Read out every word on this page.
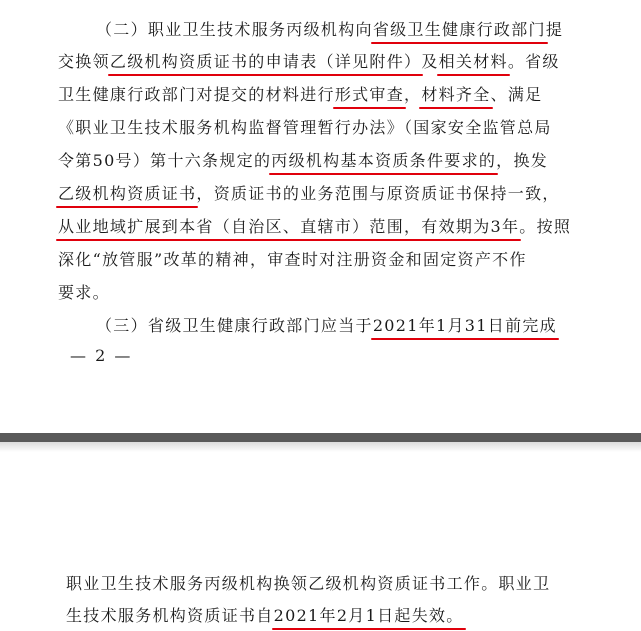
（二）职业卫生技术服务丙级机构向省级卫生健康行政部门提
交换领乙级机构资质证书的申请表（详见附件）及相关材料。省级
卫生健康行政部门对提交的材料进行形式审查，材料齐全、满足
《职业卫生技术服务机构监督管理暂行办法》（国家安全监管总局
令第50号）第十六条规定的丙级机构基本资质条件要求的，换发
乙级机构资质证书，资质证书的业务范围与原资质证书保持一致，
从业地域扩展到本省（自治区、直辖市）范围，有效期为3年。按照
深化“放管服”改革的精神，审查时对注册资金和固定资产不作
要求。
（三）省级卫生健康行政部门应当于2021年1月31日前完成
— 2 —
职业卫生技术服务丙级机构换领乙级机构资质证书工作。职业卫
生技术服务机构资质证书自2021年2月1日起失效。
